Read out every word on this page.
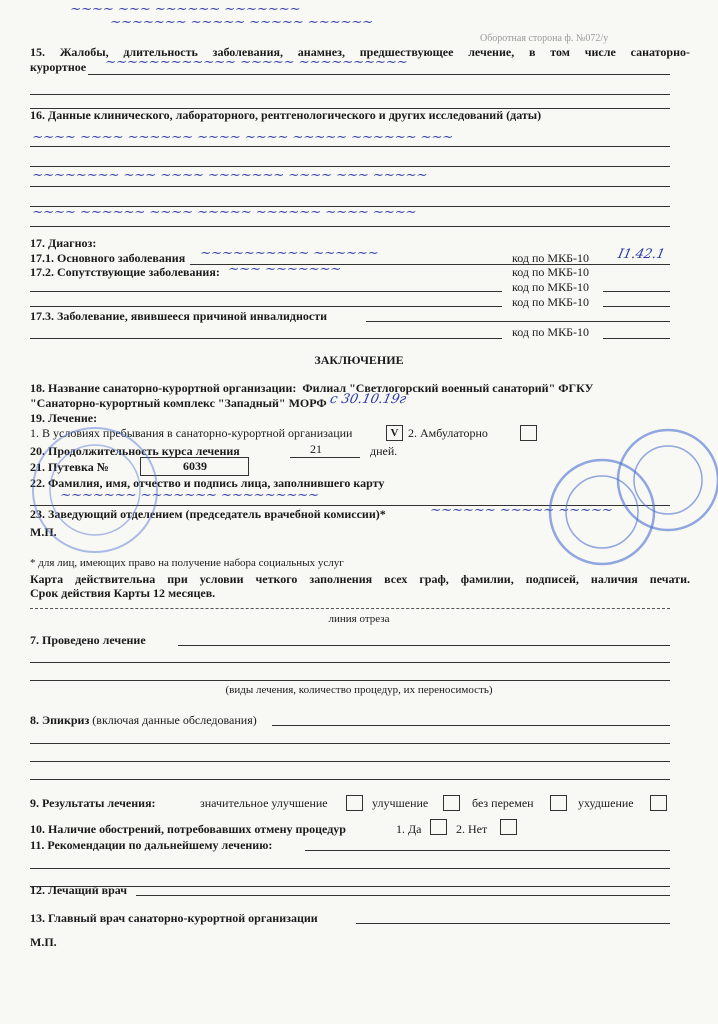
Оборотная сторона ф. №072/у
~~~~ ~~~ ~~~~~~ ~~~~~~~
~~~~~~~ ~~~~~ ~~~~~ ~~~~~~
15. Жалобы, длительность заболевания, анамнез, предшествующее лечение, в том числе санаторно-
курортное ~~~~~~~~~~~~ ~~~~~ ~~~~~~~~~~
16. Данные клинического, лабораторного, рентгенологического и других исследований (даты)
~~~~ ~~~~ ~~~~~~ ~~~~ ~~~~ ~~~~~ ~~~~~~ ~~~
~~~~~~~~ ~~~ ~~~~ ~~~~~~~ ~~~~ ~~~ ~~~~~
~~~~ ~~~~~~ ~~~~ ~~~~~ ~~~~~~ ~~~~ ~~~~
17. Диагноз:
17.1. Основного заболевания ~~~~~~~~~~ ~~~~~~	код по МКБ-10 I1.42.1
17.2. Сопутствующие заболевания: ~~~ ~~~~~~~	код по МКБ-10
код по МКБ-10
код по МКБ-10
17.3. Заболевание, явившееся причиной инвалидности
код по МКБ-10
ЗАКЛЮЧЕНИЕ
18. Название санаторно-курортной организации: Филиал "Светлогорский военный санаторий" ФГКУ
"Санаторно-курортный комплекс "Западный" МОРФ с 30.10.19г
19. Лечение:
1. В условиях пребывания в санаторно-курортной организации	V 2. Амбулаторно
20. Продолжительность курса лечения	21	дней.
21. Путевка №	6039
22. Фамилия, имя, отчество и подпись лица, заполнившего карту
~~~~~~~ ~~~~~~~ ~~~~~~~~~
23. Заведующий отделением (председатель врачебной комиссии)*	~~~~~~ ~~~~~ ~~~~~
М.П.
* для лиц, имеющих право на получение набора социальных услуг
Карта действительна при условии четкого заполнения всех граф, фамилии, подписей, наличия печати.
Срок действия Карты 12 месяцев.
линия отреза
7. Проведено лечение
(виды лечения, количество процедур, их переносимость)
8. Эпикриз (включая данные обследования)
9. Результаты лечения:	значительное улучшение	улучшение	без перемен	ухудшение
10. Наличие обострений, потребовавших отмену процедур	1. Да	2. Нет
11. Рекомендации по дальнейшему лечению:
12. Лечащий врач
13. Главный врач санаторно-курортной организации
М.П.
